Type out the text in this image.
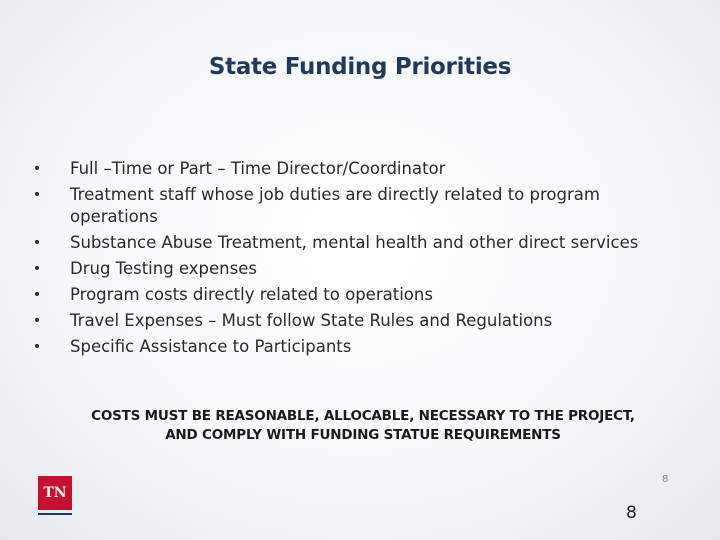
State Funding Priorities
• Full –Time or Part – Time Director/Coordinator
• Treatment staff whose job duties are directly related to program operations
• Substance Abuse Treatment, mental health and other direct services
• Drug Testing expenses
• Program costs directly related to operations
• Travel Expenses – Must follow State Rules and Regulations
• Specific Assistance to Participants
COSTS MUST BE REASONABLE, ALLOCABLE, NECESSARY TO THE PROJECT,
AND COMPLY WITH FUNDING STATUE REQUIREMENTS
TN
8
8
